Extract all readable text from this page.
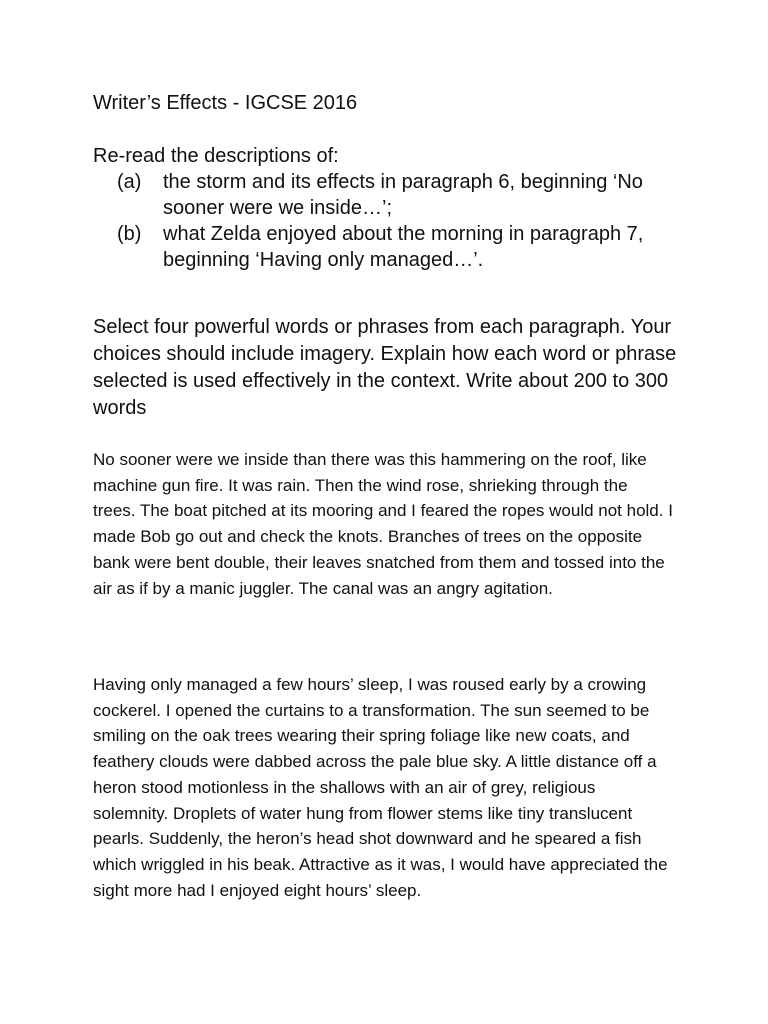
Writer’s Effects - IGCSE 2016

Re-read the descriptions of:

(a) the storm and its effects in paragraph 6, beginning ‘No sooner were we inside…’;
(b) what Zelda enjoyed about the morning in paragraph 7, beginning ‘Having only managed…’.

Select four powerful words or phrases from each paragraph. Your choices should include imagery. Explain how each word or phrase selected is used effectively in the context. Write about 200 to 300 words

No sooner were we inside than there was this hammering on the roof, like machine gun fire. It was rain. Then the wind rose, shrieking through the trees. The boat pitched at its mooring and I feared the ropes would not hold. I made Bob go out and check the knots. Branches of trees on the opposite bank were bent double, their leaves snatched from them and tossed into the air as if by a manic juggler. The canal was an angry agitation.

Having only managed a few hours’ sleep, I was roused early by a crowing cockerel. I opened the curtains to a transformation. The sun seemed to be smiling on the oak trees wearing their spring foliage like new coats, and feathery clouds were dabbed across the pale blue sky. A little distance off a heron stood motionless in the shallows with an air of grey, religious solemnity. Droplets of water hung from flower stems like tiny translucent pearls. Suddenly, the heron’s head shot downward and he speared a fish which wriggled in his beak. Attractive as it was, I would have appreciated the sight more had I enjoyed eight hours’ sleep.
